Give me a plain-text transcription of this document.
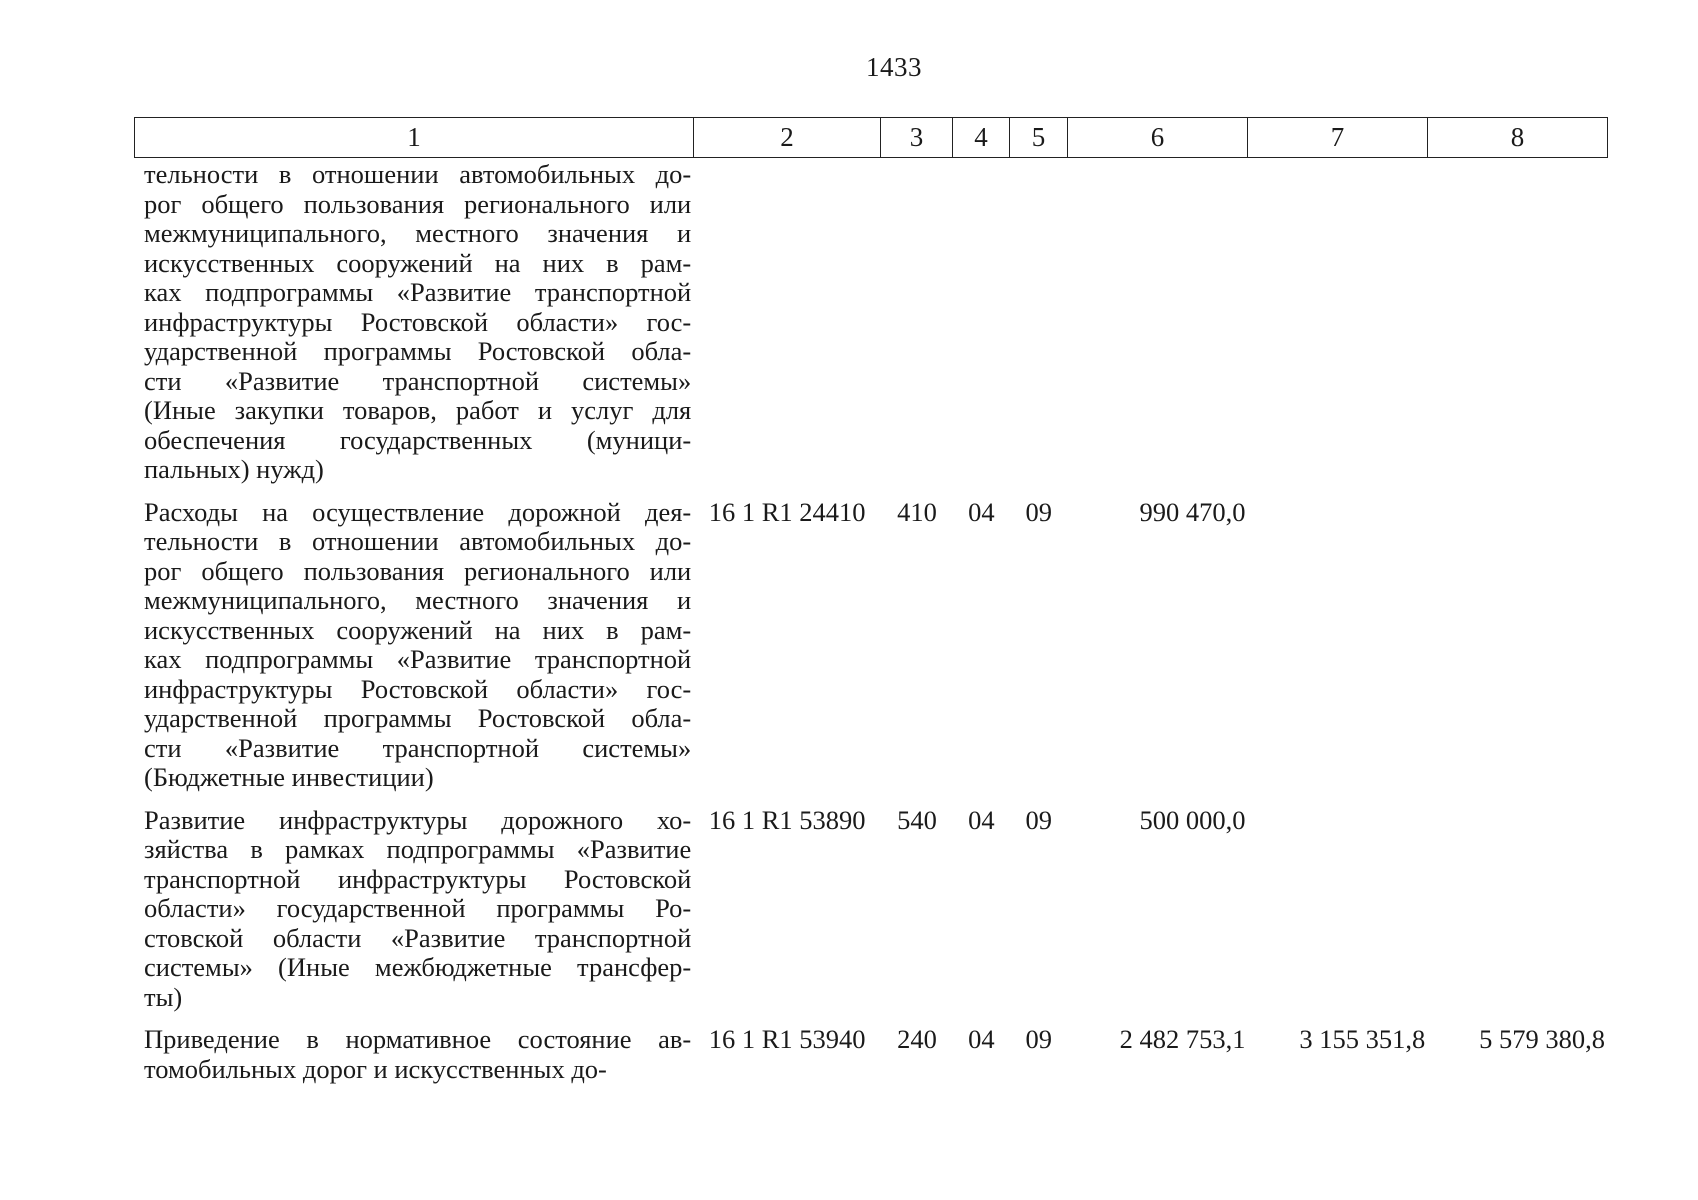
1433
1	2	3	4	5	6	7	8
тельности в отношении автомобильных до-
рог общего пользования регионального или
межмуниципального, местного значения и
искусственных сооружений на них в рам-
ках подпрограммы «Развитие транспортной
инфраструктуры Ростовской области» гос-
ударственной программы Ростовской обла-
сти «Развитие транспортной системы»
(Иные закупки товаров, работ и услуг для
обеспечения государственных (муници-
пальных) нужд)
Расходы на осуществление дорожной дея-
тельности в отношении автомобильных до-
рог общего пользования регионального или
межмуниципального, местного значения и
искусственных сооружений на них в рам-
ках подпрограммы «Развитие транспортной
инфраструктуры Ростовской области» гос-
ударственной программы Ростовской обла-
сти «Развитие транспортной системы»
(Бюджетные инвестиции)
16 1 R1 24410	410	04	09	990 470,0
Развитие инфраструктуры дорожного хо-
зяйства в рамках подпрограммы «Развитие
транспортной инфраструктуры Ростовской
области» государственной программы Ро-
стовской области «Развитие транспортной
системы» (Иные межбюджетные трансфер-
ты)
16 1 R1 53890	540	04	09	500 000,0
Приведение в нормативное состояние ав-
томобильных дорог и искусственных до-
16 1 R1 53940	240	04	09	2 482 753,1	3 155 351,8	5 579 380,8
